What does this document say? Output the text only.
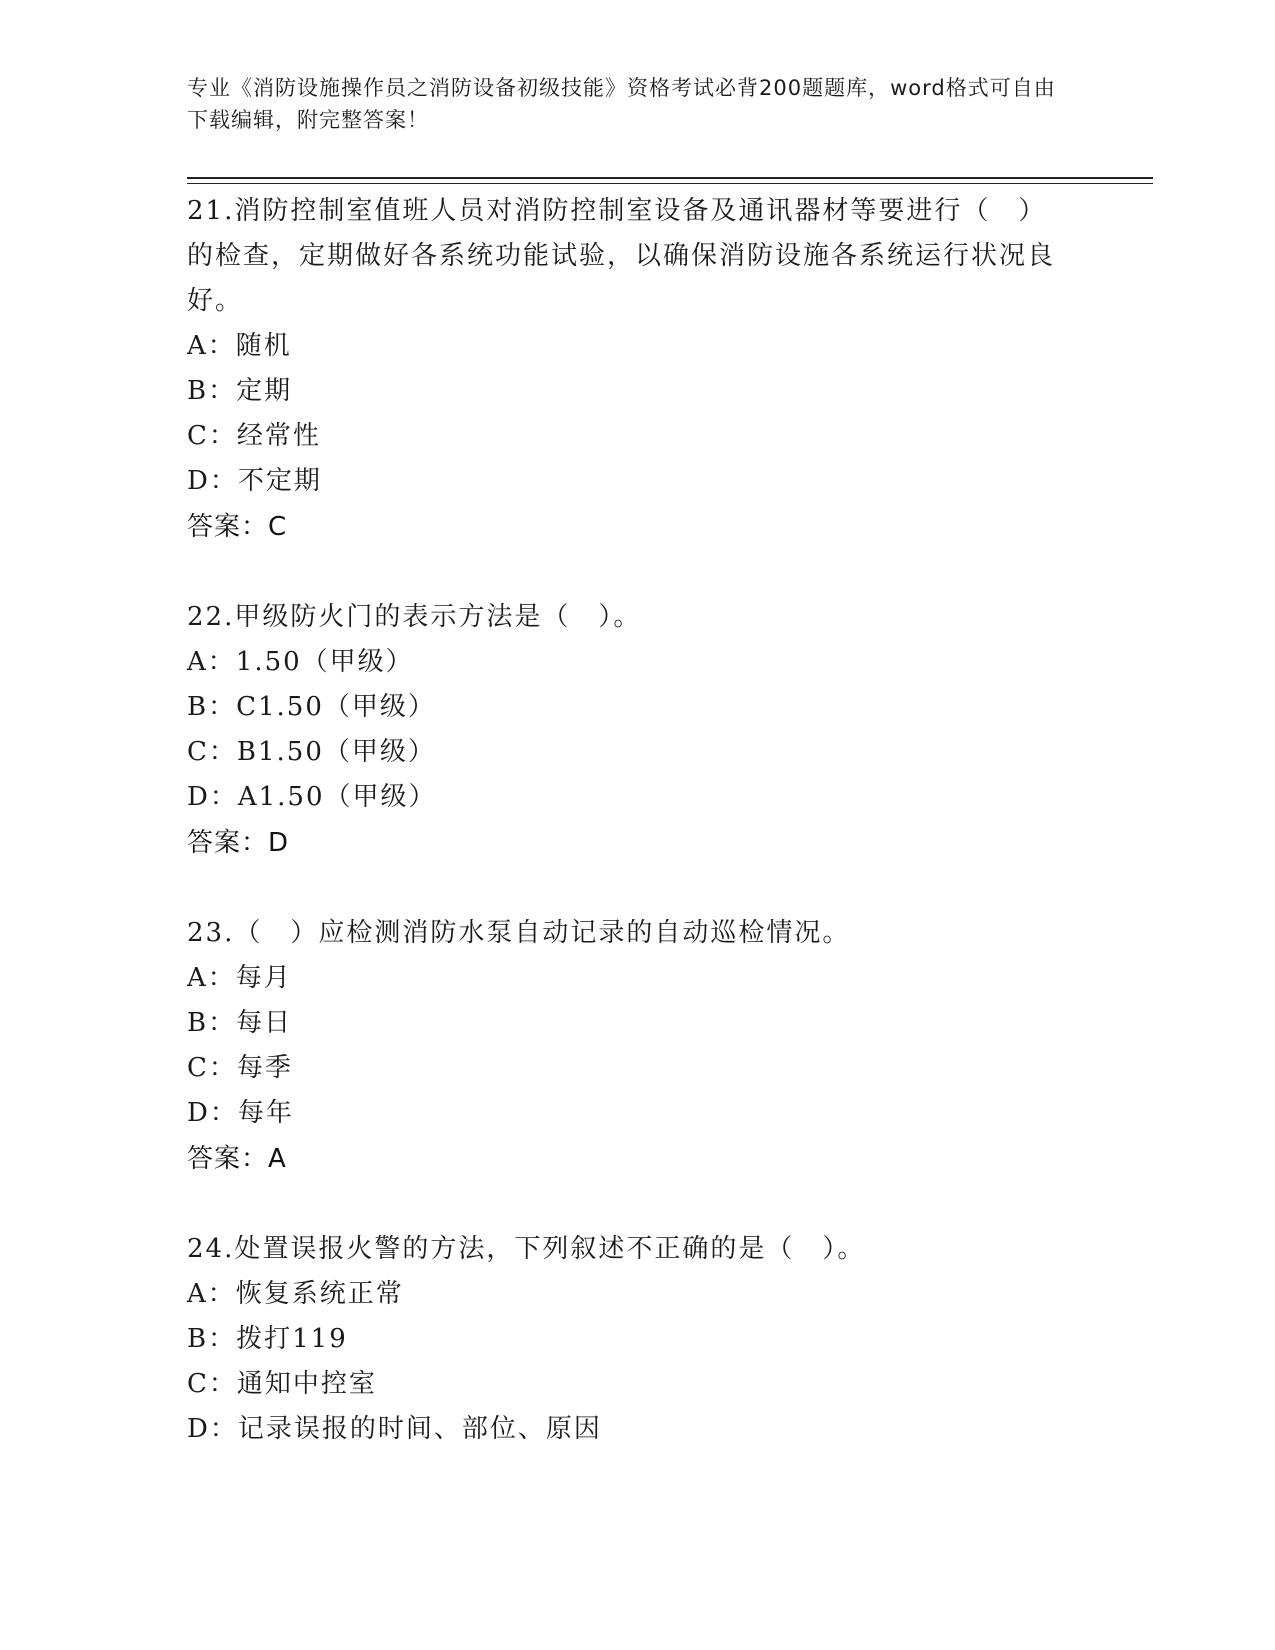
专业《消防设施操作员之消防设备初级技能》资格考试必背200题题库，word格式可自由下载编辑，附完整答案！

21.消防控制室值班人员对消防控制室设备及通讯器材等要进行（　）的检查，定期做好各系统功能试验，以确保消防设施各系统运行状况良好。

A：随机

B：定期

C：经常性

D：不定期

答案：C

22.甲级防火门的表示方法是（　）。

A：1.50（甲级）

B：C1.50（甲级）

C：B1.50（甲级）

D：A1.50（甲级）

答案：D

23.（　）应检测消防水泵自动记录的自动巡检情况。

A：每月

B：每日

C：每季

D：每年

答案：A

24.处置误报火警的方法，下列叙述不正确的是（　）。

A：恢复系统正常

B：拨打119

C：通知中控室

D：记录误报的时间、部位、原因
